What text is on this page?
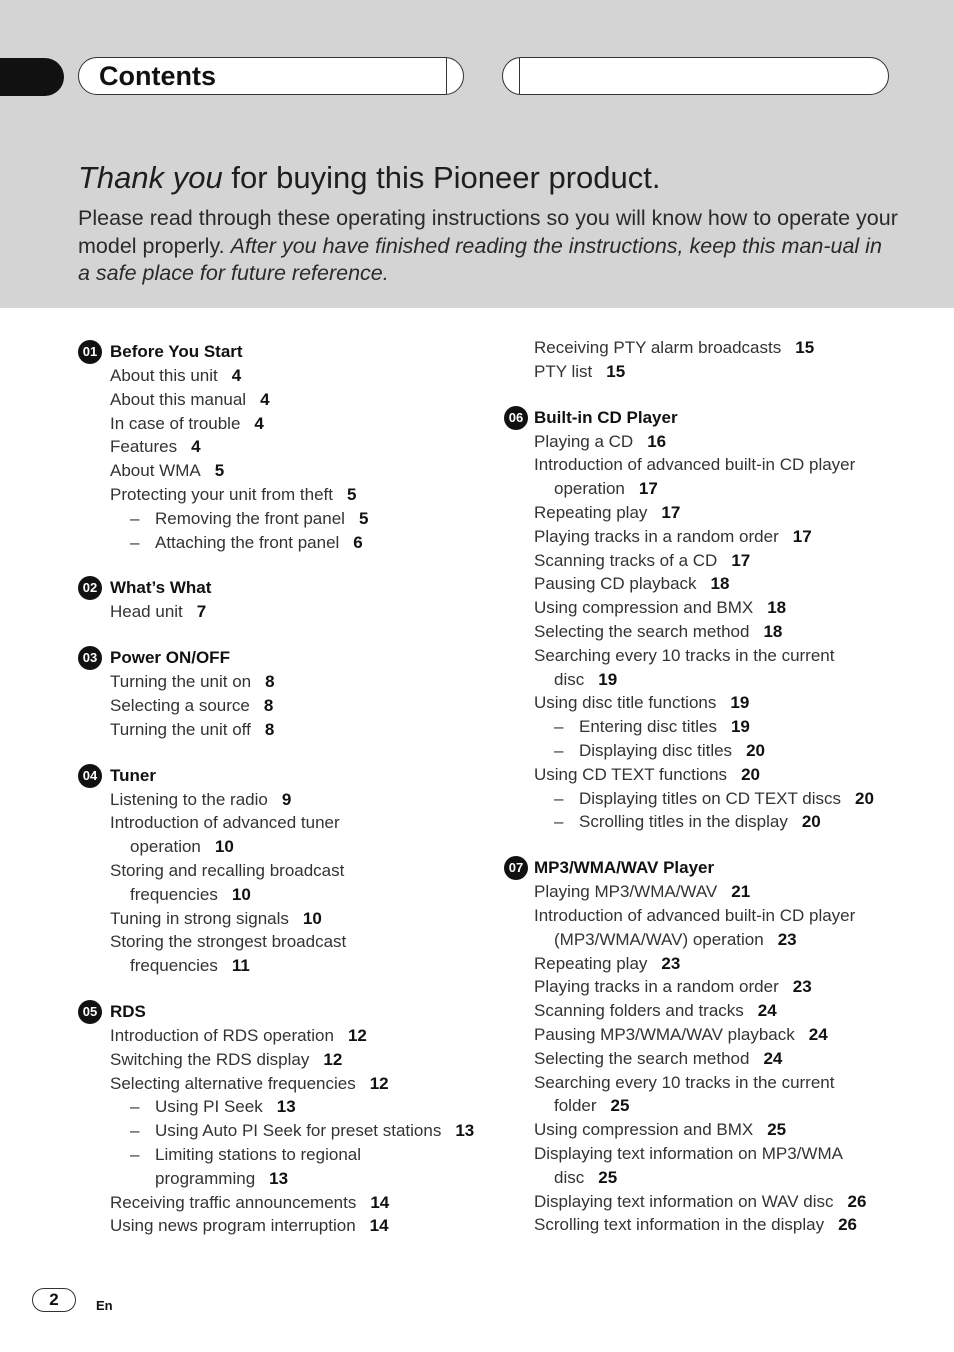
Contents
Thank you for buying this Pioneer product.
Please read through these operating instructions so you will know how to operate your model properly. After you have finished reading the instructions, keep this man-ual in a safe place for future reference.
01 Before You Start
About this unit 4
About this manual 4
In case of trouble 4
Features 4
About WMA 5
Protecting your unit from theft 5
– Removing the front panel 5
– Attaching the front panel 6
02 What’s What
Head unit 7
03 Power ON/OFF
Turning the unit on 8
Selecting a source 8
Turning the unit off 8
04 Tuner
Listening to the radio 9
Introduction of advanced tuner
operation 10
Storing and recalling broadcast
frequencies 10
Tuning in strong signals 10
Storing the strongest broadcast
frequencies 11
05 RDS
Introduction of RDS operation 12
Switching the RDS display 12
Selecting alternative frequencies 12
– Using PI Seek 13
– Using Auto PI Seek for preset stations 13
– Limiting stations to regional programming 13
Receiving traffic announcements 14
Using news program interruption 14
Receiving PTY alarm broadcasts 15
PTY list 15
06 Built-in CD Player
Playing a CD 16
Introduction of advanced built-in CD player
operation 17
Repeating play 17
Playing tracks in a random order 17
Scanning tracks of a CD 17
Pausing CD playback 18
Using compression and BMX 18
Selecting the search method 18
Searching every 10 tracks in the current
disc 19
Using disc title functions 19
– Entering disc titles 19
– Displaying disc titles 20
Using CD TEXT functions 20
– Displaying titles on CD TEXT discs 20
– Scrolling titles in the display 20
07 MP3/WMA/WAV Player
Playing MP3/WMA/WAV 21
Introduction of advanced built-in CD player
(MP3/WMA/WAV) operation 23
Repeating play 23
Playing tracks in a random order 23
Scanning folders and tracks 24
Pausing MP3/WMA/WAV playback 24
Selecting the search method 24
Searching every 10 tracks in the current
folder 25
Using compression and BMX 25
Displaying text information on MP3/WMA
disc 25
Displaying text information on WAV disc 26
Scrolling text information in the display 26
2	En
